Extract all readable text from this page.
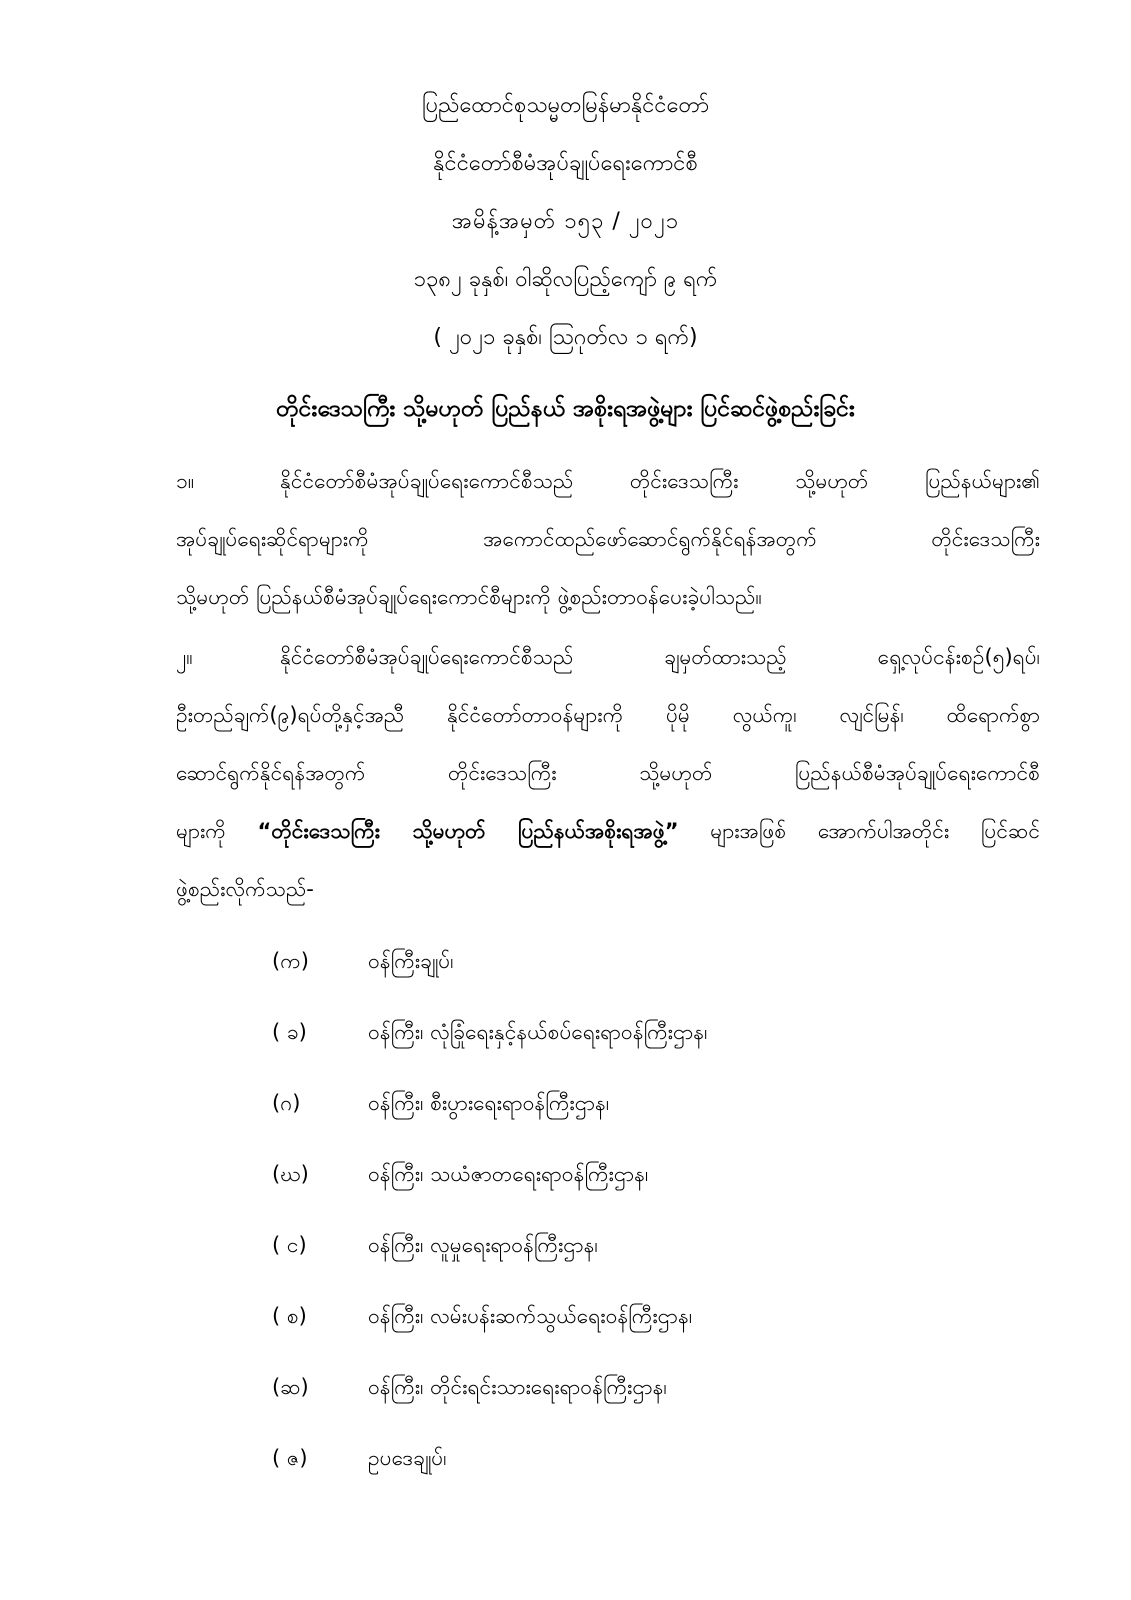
ပြည်ထောင်စုသမ္မတမြန်မာနိုင်ငံတော်
နိုင်ငံတော်စီမံအုပ်ချုပ်ရေးကောင်စီ
အမိန့်အမှတ် ၁၅၃ / ၂၀၂၁
၁၃၈၂ ခုနှစ်၊ ဝါဆိုလပြည့်ကျော် ၉ ရက်
( ၂၀၂၁ ခုနှစ်၊ ဩဂုတ်လ ၁ ရက်)
တိုင်းဒေသကြီး သို့မဟုတ် ပြည်နယ် အစိုးရအဖွဲ့များ ပြင်ဆင်ဖွဲ့စည်းခြင်း
၁။	နိုင်ငံတော်စီမံအုပ်ချုပ်ရေးကောင်စီသည် တိုင်းဒေသကြီး သို့မဟုတ် ပြည်နယ်များ၏
အုပ်ချုပ်ရေးဆိုင်ရာများကို အကောင်ထည်ဖော်ဆောင်ရွက်နိုင်ရန်အတွက် တိုင်းဒေသကြီး
သို့မဟုတ် ပြည်နယ်စီမံအုပ်ချုပ်ရေးကောင်စီများကို ဖွဲ့စည်းတာဝန်ပေးခဲ့ပါသည်။
၂။	နိုင်ငံတော်စီမံအုပ်ချုပ်ရေးကောင်စီသည် ချမှတ်ထားသည့် ရှေ့လုပ်ငန်းစဉ်(၅)ရပ်၊
ဦးတည်ချက်(၉)ရပ်တို့နှင့်အညီ နိုင်ငံတော်တာဝန်များကို ပိုမို လွယ်ကူ၊ လျင်မြန်၊ ထိရောက်စွာ
ဆောင်ရွက်နိုင်ရန်အတွက် တိုင်းဒေသကြီး သို့မဟုတ် ပြည်နယ်စီမံအုပ်ချုပ်ရေးကောင်စီ
များကို “တိုင်းဒေသကြီး သို့မဟုတ် ပြည်နယ်အစိုးရအဖွဲ့” များအဖြစ် အောက်ပါအတိုင်း ပြင်ဆင်
ဖွဲ့စည်းလိုက်သည်-
(က)	ဝန်ကြီးချုပ်၊
( ခ)	ဝန်ကြီး၊ လုံခြုံရေးနှင့်နယ်စပ်ရေးရာဝန်ကြီးဌာန၊
(ဂ)	ဝန်ကြီး၊ စီးပွားရေးရာဝန်ကြီးဌာန၊
(ဃ)	ဝန်ကြီး၊ သယံဇာတရေးရာဝန်ကြီးဌာန၊
( င)	ဝန်ကြီး၊ လူမှုရေးရာဝန်ကြီးဌာန၊
( စ)	ဝန်ကြီး၊ လမ်းပန်းဆက်သွယ်ရေးဝန်ကြီးဌာန၊
(ဆ)	ဝန်ကြီး၊ တိုင်းရင်းသားရေးရာဝန်ကြီးဌာန၊
( ဇ)	ဥပဒေချုပ်၊
